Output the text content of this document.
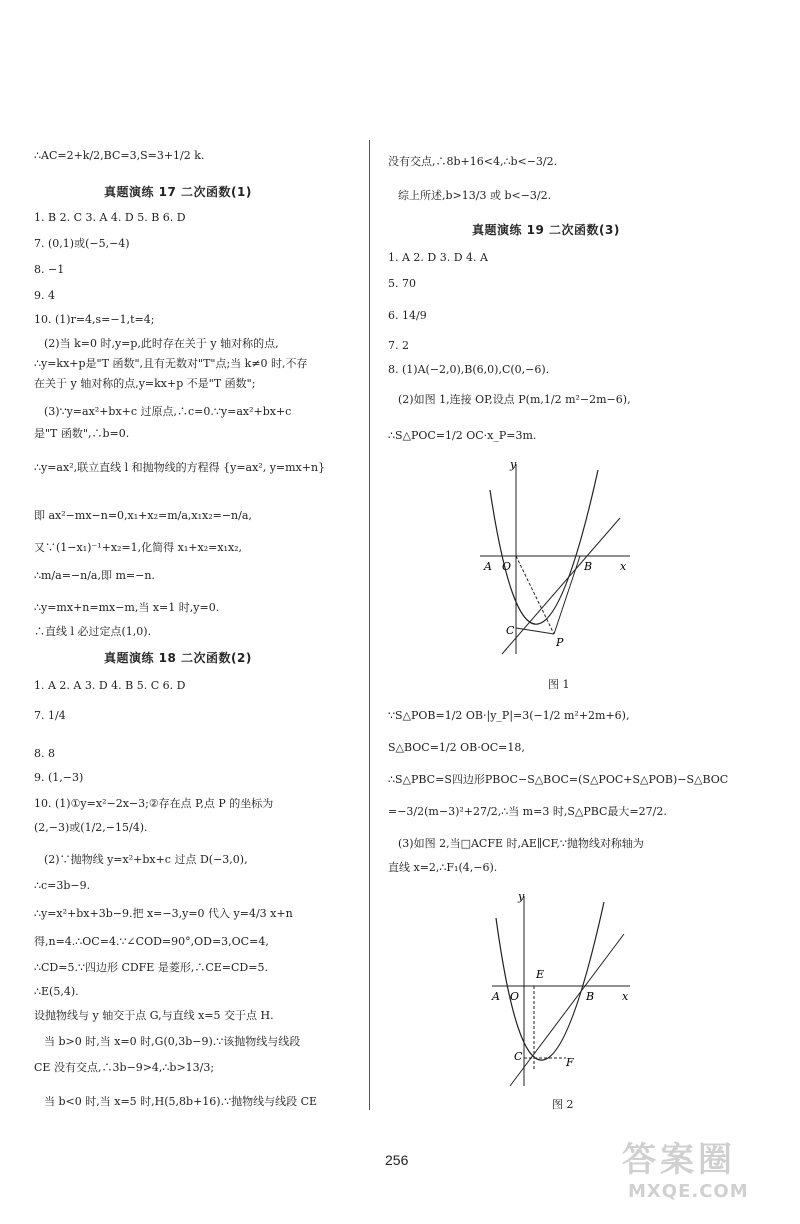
∴AC=2+k/2,BC=3,S=3+1/2 k.
真题演练 17 二次函数(1)
1. B 2. C 3. A 4. D 5. B 6. D
7. (0,1)或(−5,−4)
8. −1
9. 4
10. (1)r=4,s=−1,t=4;
(2)当 k=0 时,y=p,此时存在关于 y 轴对称的点,
∴y=kx+p是"T 函数",且有无数对"T"点;当 k≠0 时,不存
在关于 y 轴对称的点,y=kx+p 不是"T 函数";
(3)∵y=ax²+bx+c 过原点,∴c=0.∵y=ax²+bx+c
是"T 函数",∴b=0.
∴y=ax²,联立直线 l 和抛物线的方程得 {y=ax², y=mx+n}
即 ax²−mx−n=0,x₁+x₂=m/a,x₁x₂=−n/a,
又∵(1−x₁)⁻¹+x₂=1,化简得 x₁+x₂=x₁x₂,
∴m/a=−n/a,即 m=−n.
∴y=mx+n=mx−m,当 x=1 时,y=0.
∴直线 l 必过定点(1,0).
真题演练 18 二次函数(2)
1. A 2. A 3. D 4. B 5. C 6. D
7. 1/4
8. 8
9. (1,−3)
10. (1)①y=x²−2x−3;②存在点 P,点 P 的坐标为
(2,−3)或(1/2,−15/4).
(2)∵抛物线 y=x²+bx+c 过点 D(−3,0),
∴c=3b−9.
∴y=x²+bx+3b−9.把 x=−3,y=0 代入 y=4/3 x+n
得,n=4.∴OC=4.∵∠COD=90°,OD=3,OC=4,
∴CD=5.∵四边形 CDFE 是菱形,∴CE=CD=5.
∴E(5,4).
设抛物线与 y 轴交于点 G,与直线 x=5 交于点 H.
当 b>0 时,当 x=0 时,G(0,3b−9).∵该抛物线与线段
CE 没有交点,∴3b−9>4,∴b>13/3;
当 b<0 时,当 x=5 时,H(5,8b+16).∵抛物线与线段 CE
没有交点,∴8b+16<4,∴b<−3/2.
综上所述,b>13/3 或 b<−3/2.
真题演练 19 二次函数(3)
1. A 2. D 3. D 4. A
5. 70
6. 14/9
7. 2
8. (1)A(−2,0),B(6,0),C(0,−6).
(2)如图 1,连接 OP,设点 P(m,1/2 m²−2m−6),
∴S△POC=1/2 OC·x_P=3m.
∵S△POB=1/2 OB·|y_P|=3(−1/2 m²+2m+6),
S△BOC=1/2 OB·OC=18,
∴S△PBC=S四边形PBOC−S△BOC=(S△POC+S△POB)−S△BOC
=−3/2(m−3)²+27/2,∴当 m=3 时,S△PBC最大=27/2.
(3)如图 2,当□ACFE 时,AE∥CF,∵抛物线对称轴为
直线 x=2,∴F₁(4,−6).
y
x
A O	B
C
P
图 1
y
x
A O	B
E
C	F
图 2
256	答案圈
MXQE.COM
